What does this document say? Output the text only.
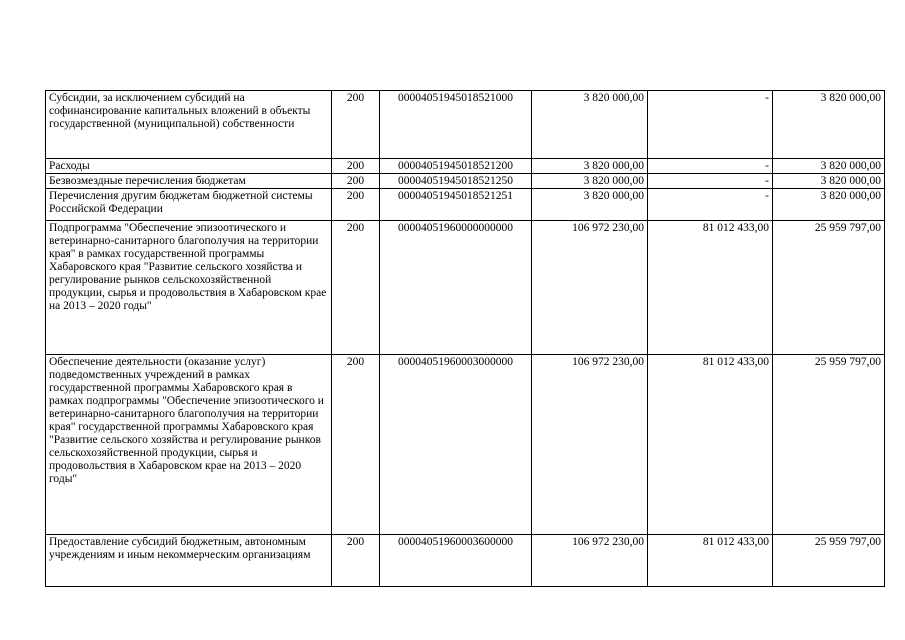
Субсидии, за исключением субсидий на софинансирование капитальных вложений в объекты государственной (муниципальной) собственности	200	00004051945018521000	3 820 000,00	-	3 820 000,00
Расходы	200	00004051945018521200	3 820 000,00	-	3 820 000,00
Безвозмездные перечисления бюджетам	200	00004051945018521250	3 820 000,00	-	3 820 000,00
Перечисления другим бюджетам бюджетной системы Российской Федерации	200	00004051945018521251	3 820 000,00	-	3 820 000,00
Подпрограмма "Обеспечение эпизоотического и ветеринарно-санитарного благополучия на территории края" в рамках государственной программы Хабаровского края "Развитие сельского хозяйства и регулирование рынков сельскохозяйственной продукции, сырья и продовольствия в Хабаровском крае на 2013 – 2020 годы"	200	00004051960000000000	106 972 230,00	81 012 433,00	25 959 797,00
Обеспечение деятельности (оказание услуг) подведомственных учреждений в рамках государственной программы Хабаровского края в рамках подпрограммы "Обеспечение эпизоотического и ветеринарно-санитарного благополучия на территории края" государственной программы Хабаровского края "Развитие сельского хозяйства и регулирование рынков сельскохозяйственной продукции, сырья и продовольствия в Хабаровском крае на 2013 – 2020 годы"	200	00004051960003000000	106 972 230,00	81 012 433,00	25 959 797,00
Предоставление субсидий бюджетным, автономным учреждениям и иным некоммерческим организациям	200	00004051960003600000	106 972 230,00	81 012 433,00	25 959 797,00
